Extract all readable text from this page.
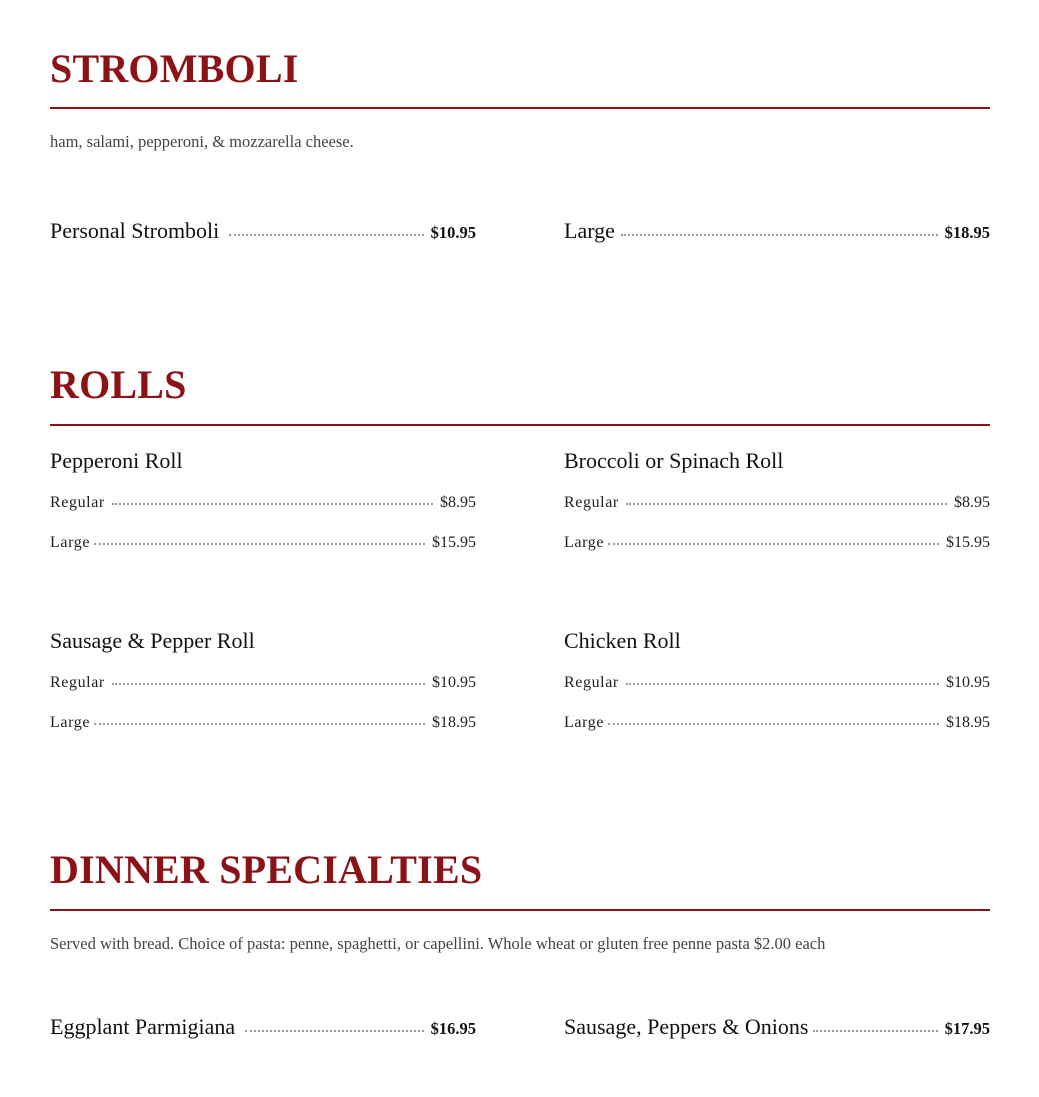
STROMBOLI
ham, salami, pepperoni, & mozzarella cheese.
Personal Stromboli	$10.95	Large	$18.95
ROLLS
Pepperoni Roll
Regular	$8.95
Large	$15.95
Broccoli or Spinach Roll
Regular	$8.95
Large	$15.95
Sausage & Pepper Roll
Regular	$10.95
Large	$18.95
Chicken Roll
Regular	$10.95
Large	$18.95
DINNER SPECIALTIES
Served with bread. Choice of pasta: penne, spaghetti, or capellini. Whole wheat or gluten free penne pasta $2.00 each
Eggplant Parmigiana	$16.95	Sausage, Peppers & Onions	$17.95
